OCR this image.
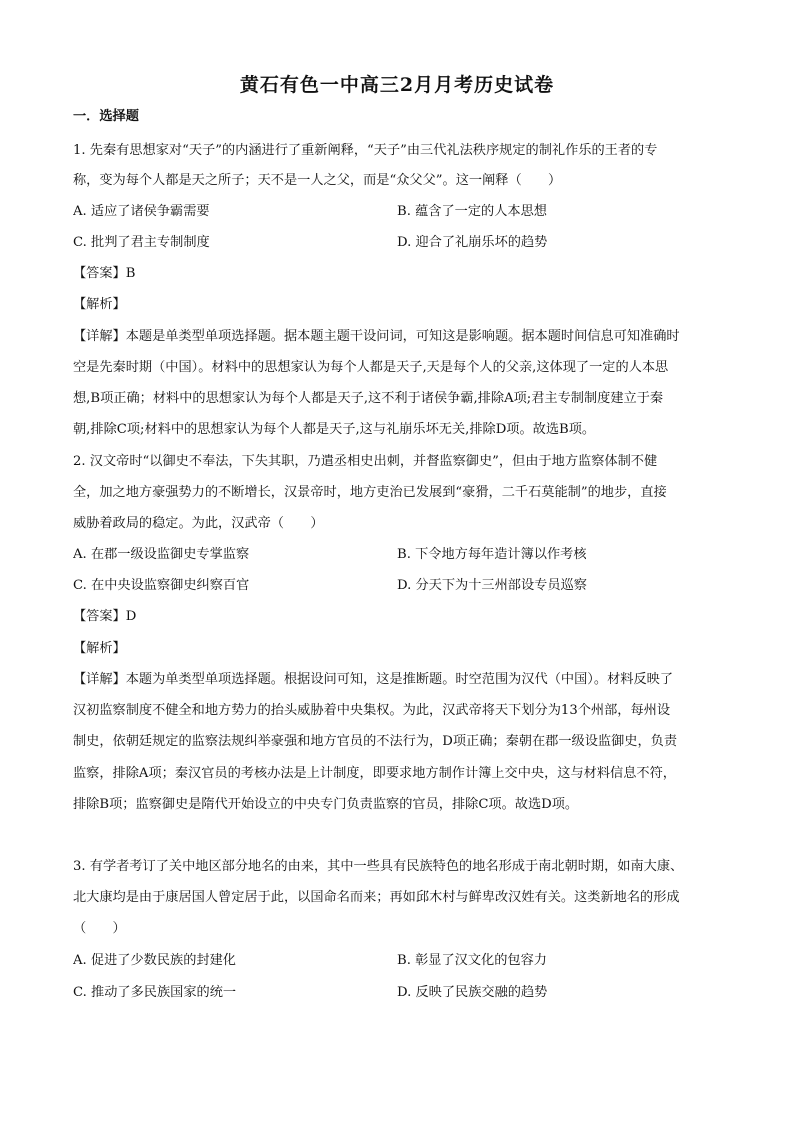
黄石有色一中高三2月月考历史试卷
一．选择题
1. 先秦有思想家对“天子”的内涵进行了重新阐释，“天子”由三代礼法秩序规定的制礼作乐的王者的专
称，变为每个人都是天之所子；天不是一人之父，而是“众父父”。这一阐释（　　）
A. 适应了诸侯争霸需要	B. 蕴含了一定的人本思想
C. 批判了君主专制制度	D. 迎合了礼崩乐坏的趋势
【答案】B
【解析】
【详解】本题是单类型单项选择题。据本题主题干设问词，可知这是影响题。据本题时间信息可知准确时
空是先秦时期（中国）。材料中的思想家认为每个人都是天子,天是每个人的父亲,这体现了一定的人本思
想,B项正确；材料中的思想家认为每个人都是天子,这不利于诸侯争霸,排除A项;君主专制制度建立于秦
朝,排除C项;材料中的思想家认为每个人都是天子,这与礼崩乐坏无关,排除D项。故选B项。
2. 汉文帝时“以御史不奉法，下失其职，乃遣丞相史出刺，并督监察御史”，但由于地方监察体制不健
全，加之地方豪强势力的不断增长，汉景帝时，地方吏治已发展到“豪猾，二千石莫能制”的地步，直接
威胁着政局的稳定。为此，汉武帝（　　）
A. 在郡一级设监御史专掌监察	B. 下令地方每年造计簿以作考核
C. 在中央设监察御史纠察百官	D. 分天下为十三州部设专员巡察
【答案】D
【解析】
【详解】本题为单类型单项选择题。根据设问可知，这是推断题。时空范围为汉代（中国）。材料反映了
汉初监察制度不健全和地方势力的抬头威胁着中央集权。为此，汉武帝将天下划分为13个州部，每州设
制史，依朝廷规定的监察法规纠举豪强和地方官员的不法行为，D项正确；秦朝在郡一级设监御史，负责
监察，排除A项；秦汉官员的考核办法是上计制度，即要求地方制作计簿上交中央，这与材料信息不符，
排除B项；监察御史是隋代开始设立的中央专门负责监察的官员，排除C项。故选D项。
3. 有学者考订了关中地区部分地名的由来，其中一些具有民族特色的地名形成于南北朝时期，如南大康、
北大康均是由于康居国人曾定居于此，以国命名而来；再如邱木村与鲜卑改汉姓有关。这类新地名的形成
（　　）
A. 促进了少数民族的封建化	B. 彰显了汉文化的包容力
C. 推动了多民族国家的统一	D. 反映了民族交融的趋势
